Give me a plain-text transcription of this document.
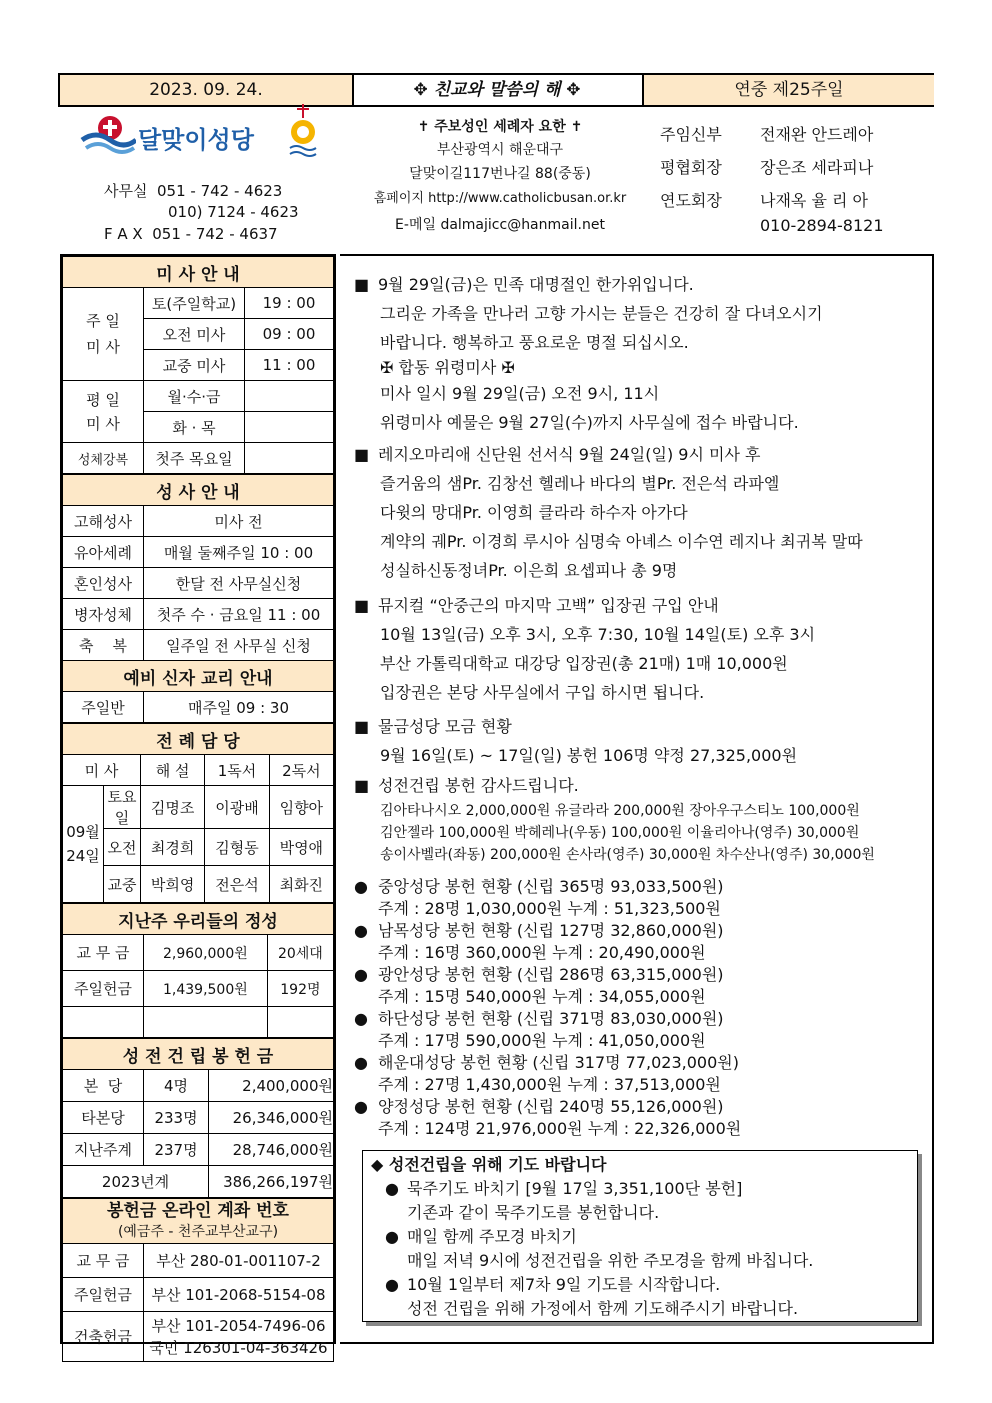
2023. 09. 24.	✥ 친교와 말씀의 해 ✥	연중 제25주일
달맞이성당
사무실  051 - 742 - 4623
010) 7124 - 4623
F A X  051 - 742 - 4637
✝ 주보성인 세례자 요한 ✝
부산광역시 해운대구
달맞이길117번나길 88(중동)
홈페이지 http://www.catholicbusan.or.kr
E-메일 dalmajicc@hanmail.net
주임신부 전재완 안드레아
평협회장 장은조 세라피나
연도회장 나재옥 율 리 아
010-2894-8121
미 사 안 내		
주 일
미 사	토(주일학교)	19 : 00
	오전 미사	09 : 00
	교중 미사	11 : 00
평 일
미 사	월·수·금	
	화 · 목	
성체강복	첫주 목요일	
성 사 안 내	
고해성사	미사 전
유아세례	매월 둘째주일 10 : 00
혼인성사	한달 전 사무실신청
병자성체	첫주 수 · 금요일 11 : 00
축    복	일주일 전 사무실 신청
예비 신자 교리 안내	
주일반	매주일 09 : 30
전 례 담 당				
미 사		해 설	1독서	2독서
09월
24일	토요일	김명조	이광배	임향아
	오전	최경희	김형동	박영애
	교중	박희영	전은석	최화진
지난주 우리들의 정성		
교 무 금	2,960,000원	20세대
주일헌금	1,439,500원	192명

성 전 건 립 봉 헌 금		
본  당	4명	2,400,000원
타본당	233명	26,346,000원
지난주계	237명	28,746,000원
2023년계		386,266,197원
봉헌금 온라인 계좌 번호
(예금주 - 천주교부산교구)	
교 무 금	부산 280-01-001107-2
주일헌금	부산 101-2068-5154-08
건축헌금	부산 101-2054-7496-06
국민 126301-04-363426
■ 9월 29일(금)은 민족 대명절인 한가위입니다.
그리운 가족을 만나러 고향 가시는 분들은 건강히 잘 다녀오시기
바랍니다. 행복하고 풍요로운 명절 되십시오.
✠ 합동 위령미사 ✠
미사 일시 9월 29일(금) 오전 9시, 11시
위령미사 예물은 9월 27일(수)까지 사무실에 접수 바랍니다.
■ 레지오마리애 신단원 선서식 9월 24일(일) 9시 미사 후
즐거움의 샘Pr. 김창선 헬레나 바다의 별Pr. 전은석 라파엘
다윗의 망대Pr. 이영희 클라라 하수자 아가다
계약의 궤Pr. 이경희 루시아 심명숙 아녜스 이수연 레지나 최귀복 말따
성실하신동정녀Pr. 이은희 요셉피나 총 9명
■ 뮤지컬 “안중근의 마지막 고백” 입장권 구입 안내
10월 13일(금) 오후 3시, 오후 7:30, 10월 14일(토) 오후 3시
부산 가톨릭대학교 대강당 입장권(총 21매) 1매 10,000원
입장권은 본당 사무실에서 구입 하시면 됩니다.
■ 물금성당 모금 현황
9월 16일(토) ~ 17일(일) 봉헌 106명 약정 27,325,000원
■ 성전건립 봉헌 감사드립니다.
김아타나시오 2,000,000원 유글라라 200,000원 장아우구스티노 100,000원
김안젤라 100,000원 박헤레나(우동) 100,000원 이율리아나(영주) 30,000원
송이사벨라(좌동) 200,000원 손사라(영주) 30,000원 차수산나(영주) 30,000원
● 중앙성당 봉헌 현황 (신립 365명 93,033,500원)
주계 : 28명 1,030,000원 누계 : 51,323,500원
● 남목성당 봉헌 현황 (신립 127명 32,860,000원)
주계 : 16명 360,000원 누계 : 20,490,000원
● 광안성당 봉헌 현황 (신립 286명 63,315,000원)
주계 : 15명 540,000원 누계 : 34,055,000원
● 하단성당 봉헌 현황 (신립 371명 83,030,000원)
주계 : 17명 590,000원 누계 : 41,050,000원
● 해운대성당 봉헌 현황 (신립 317명 77,023,000원)
주계 : 27명 1,430,000원 누계 : 37,513,000원
● 양정성당 봉헌 현황 (신립 240명 55,126,000원)
주계 : 124명 21,976,000원 누계 : 22,326,000원
◆ 성전건립을 위해 기도 바랍니다
● 묵주기도 바치기 [9월 17일 3,351,100단 봉헌]
기존과 같이 묵주기도를 봉헌합니다.
● 매일 함께 주모경 바치기
매일 저녁 9시에 성전건립을 위한 주모경을 함께 바칩니다.
● 10월 1일부터 제7차 9일 기도를 시작합니다.
성전 건립을 위해 가정에서 함께 기도해주시기 바랍니다.
